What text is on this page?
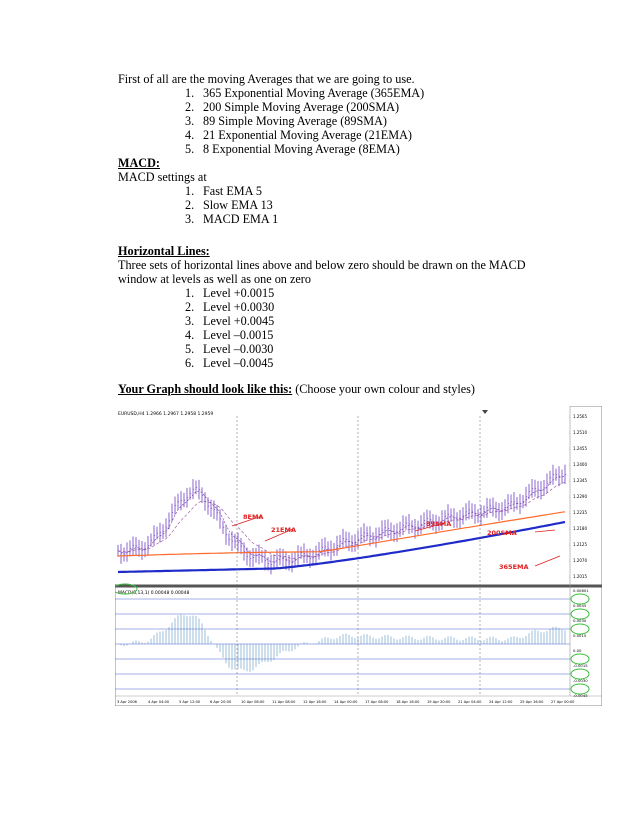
First of all are the moving Averages that we are going to use.
1. 365 Exponential Moving Average (365EMA)
2. 200 Simple Moving Average (200SMA)
3. 89 Simple Moving Average (89SMA)
4. 21 Exponential Moving Average (21EMA)
5. 8 Exponential Moving Average (8EMA)
MACD:
MACD settings at
1. Fast EMA 5
2. Slow EMA 13
3. MACD EMA 1
Horizontal Lines:
Three sets of horizontal lines above and below zero should be drawn on the MACD
window at levels as well as one on zero
1. Level +0.0015
2. Level +0.0030
3. Level +0.0045
4. Level –0.0015
5. Level –0.0030
6. Level –0.0045
Your Graph should look like this: (Choose your own colour and styles)
EURUSD,H4 1.2966 1.2967 1.2958 1.2959
MACD(5,13,1) 0.00048 0.00048
0.00601
0.0045
0.0030
0.0015
0.00
-0.0015
-0.0030
-0.0045
1.2565
1.2510
1.2455
1.2400
1.2345
1.2290
1.2235
1.2180
1.2125
1.2070
1.2015
3 Apr 2006	4 Apr 04:00	5 Apr 12:00	6 Apr 20:00	10 Apr 08:00 11 Apr 08:00 12 Apr 16:00 14 Apr 00:00 17 Apr 08:00 18 Apr 16:00 19 Apr 20:00 21 Apr 04:00 24 Apr 12:00 25 Apr 16:00 27 Apr 00:00
8EMA
21EMA
89SMA
200SMA
365EMA
